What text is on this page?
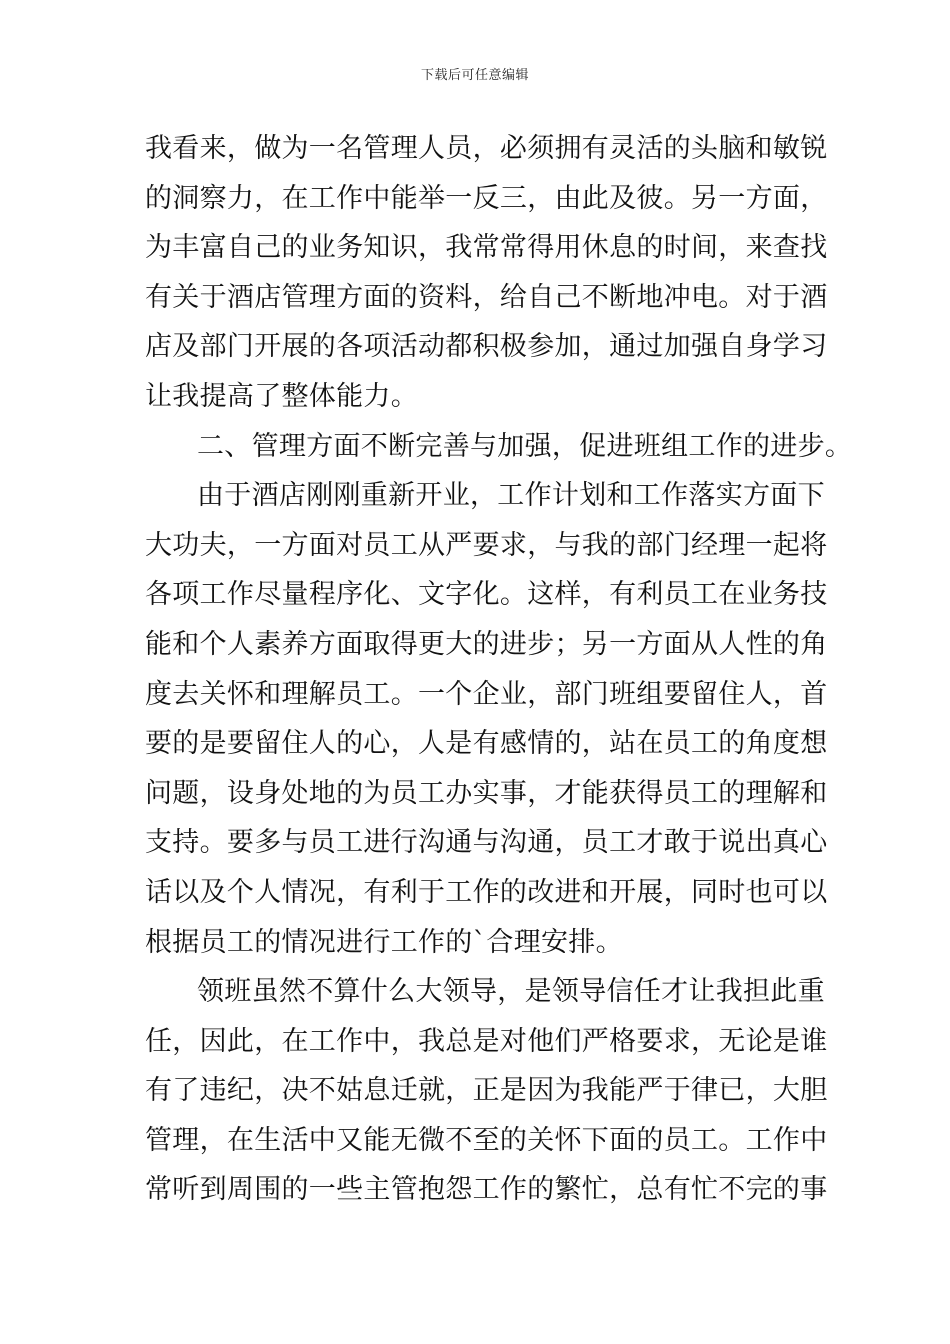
下载后可任意编辑
我看来，做为一名管理人员，必须拥有灵活的头脑和敏锐
的洞察力，在工作中能举一反三，由此及彼。另一方面，
为丰富自己的业务知识，我常常得用休息的时间，来查找
有关于酒店管理方面的资料，给自己不断地冲电。对于酒
店及部门开展的各项活动都积极参加，通过加强自身学习
让我提高了整体能力。
二、管理方面不断完善与加强，促进班组工作的进步。
由于酒店刚刚重新开业，工作计划和工作落实方面下
大功夫，一方面对员工从严要求，与我的部门经理一起将
各项工作尽量程序化、文字化。这样，有利员工在业务技
能和个人素养方面取得更大的进步；另一方面从人性的角
度去关怀和理解员工。一个企业，部门班组要留住人，首
要的是要留住人的心，人是有感情的，站在员工的角度想
问题，设身处地的为员工办实事，才能获得员工的理解和
支持。要多与员工进行沟通与沟通，员工才敢于说出真心
话以及个人情况，有利于工作的改进和开展，同时也可以
根据员工的情况进行工作的`合理安排。
领班虽然不算什么大领导，是领导信任才让我担此重
任，因此，在工作中，我总是对他们严格要求，无论是谁
有了违纪，决不姑息迁就，正是因为我能严于律已，大胆
管理，在生活中又能无微不至的关怀下面的员工。工作中
常听到周围的一些主管抱怨工作的繁忙，总有忙不完的事
